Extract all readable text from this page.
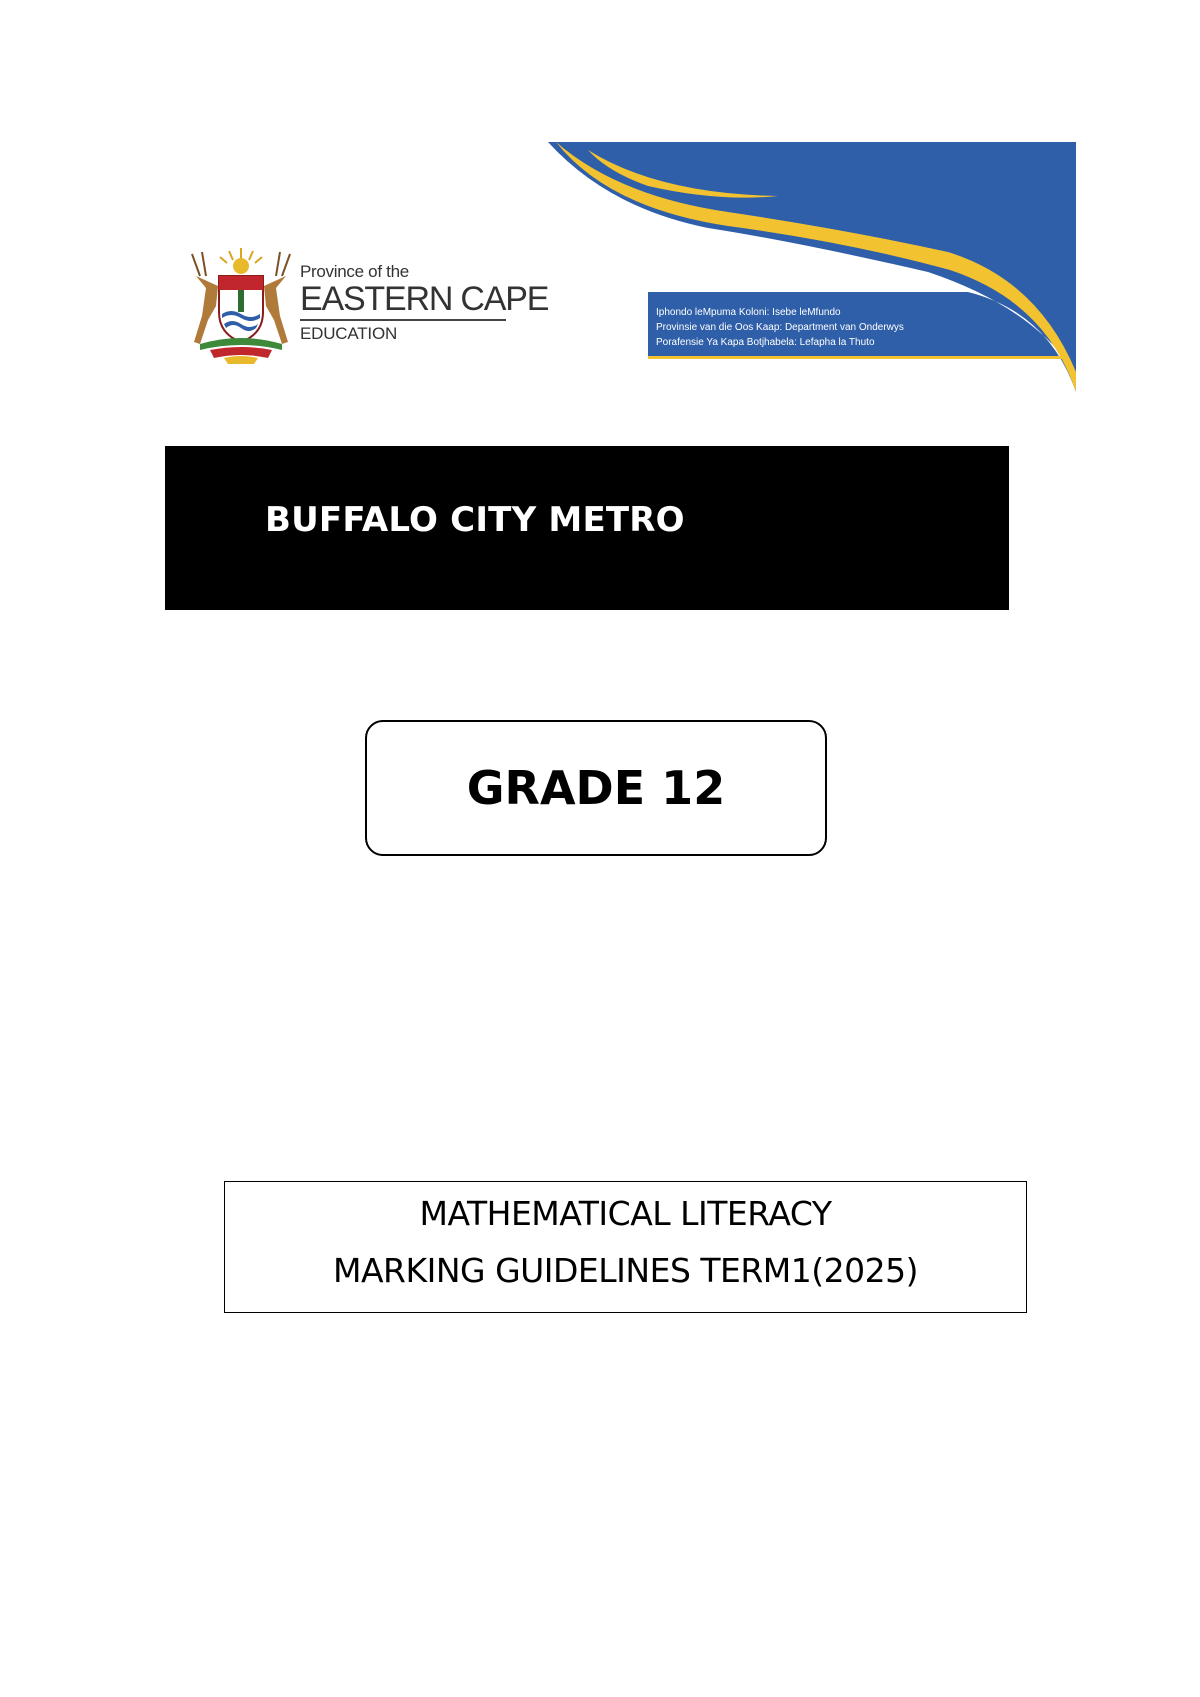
Province of the
EASTERN CAPE
EDUCATION
Iphondo leMpuma Koloni: Isebe leMfundo
Provinsie van die Oos Kaap: Department van Onderwys
Porafensie Ya Kapa Botjhabela: Lefapha la Thuto
BUFFALO CITY METRO
GRADE 12
MATHEMATICAL LITERACY
MARKING GUIDELINES TERM1(2025)
